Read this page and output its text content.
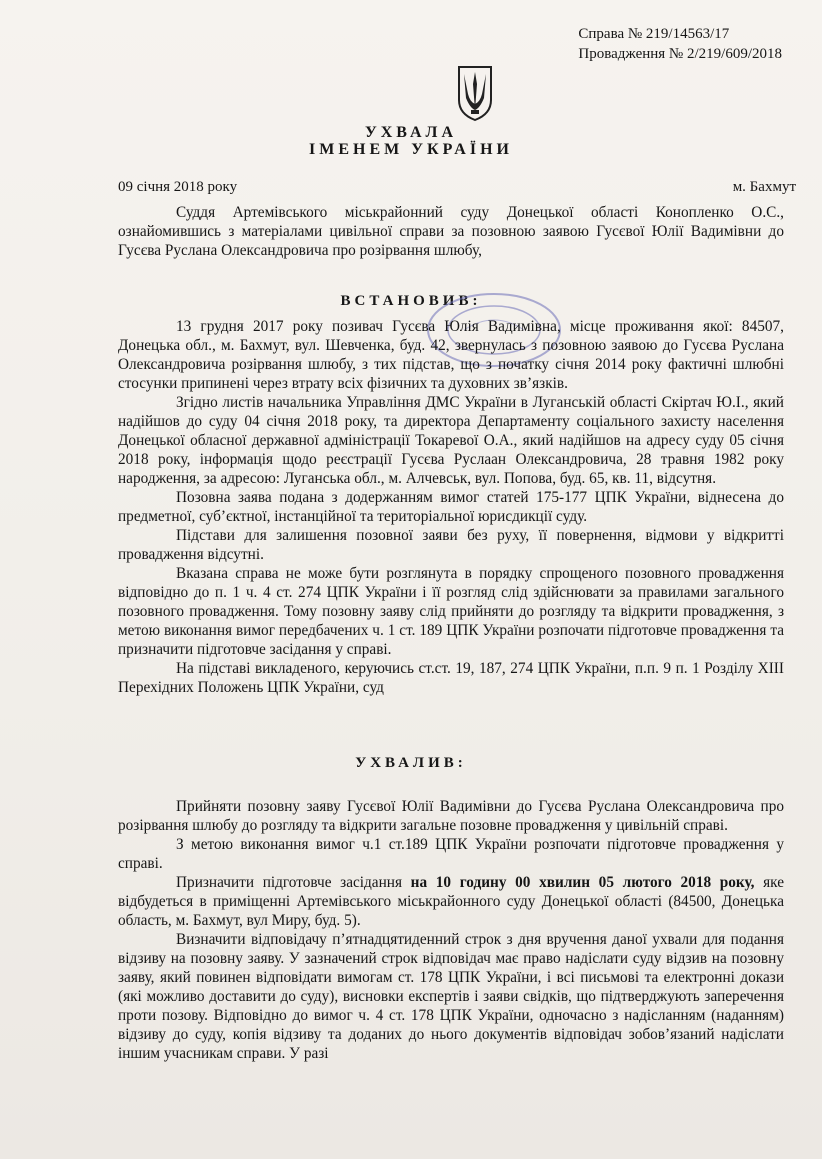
Справа № 219/14563/17
Провадження № 2/219/609/2018
УХВАЛА
ІМЕНЕМ УКРАЇНИ
09 січня 2018 року	м. Бахмут

Суддя Артемівського міськрайонний суду Донецької області Конопленко О.С., ознайомившись з матеріалами цивільної справи за позовною заявою Гусєвої Юлії Вадимівни до Гусєва Руслана Олександровича про розірвання шлюбу,

ВСТАНОВИВ:

13 грудня 2017 року позивач Гусєва Юлія Вадимівна, місце проживання якої: 84507, Донецька обл., м. Бахмут, вул. Шевченка, буд. 42, звернулась з позовною заявою до Гусєва Руслана Олександровича розірвання шлюбу, з тих підстав, що з початку січня 2014 року фактичні шлюбні стосунки припинені через втрату всіх фізичних та духовних зв’язків.

Згідно листів начальника Управління ДМС України в Луганській області Скіртач Ю.І., який надійшов до суду 04 січня 2018 року, та директора Департаменту соціального захисту населення Донецької обласної державної адміністрації Токаревої О.А., який надійшов на адресу суду 05 січня 2018 року, інформація щодо реєстрації Гусєва Руслаан Олександровича, 28 травня 1982 року народження, за адресою: Луганська обл., м. Алчевськ, вул. Попова, буд. 65, кв. 11, відсутня.

Позовна заява подана з додержанням вимог статей 175-177 ЦПК України, віднесена до предметної, суб’єктної, інстанційної та територіальної юрисдикції суду.

Підстави для залишення позовної заяви без руху, її повернення, відмови у відкритті провадження відсутні.

Вказана справа не може бути розглянута в порядку спрощеного позовного провадження відповідно до п. 1 ч. 4 ст. 274 ЦПК України і її розгляд слід здійснювати за правилами загального позовного провадження. Тому позовну заяву слід прийняти до розгляду та відкрити провадження, з метою виконання вимог передбачених ч. 1 ст. 189 ЦПК України розпочати підготовче провадження та призначити підготовче засідання у справі.

На підставі викладеного, керуючись ст.ст. 19, 187, 274 ЦПК України, п.п. 9 п. 1 Розділу XIII Перехідних Положень ЦПК України, суд

УХВАЛИВ:

Прийняти позовну заяву Гусєвої Юлії Вадимівни до Гусєва Руслана Олександровича про розірвання шлюбу до розгляду та відкрити загальне позовне провадження у цивільній справі.

З метою виконання вимог ч.1 ст.189 ЦПК України розпочати підготовче провадження у справі.

Призначити підготовче засідання на 10 годину 00 хвилин 05 лютого 2018 року, яке відбудеться в приміщенні Артемівського міськрайонного суду Донецької області (84500, Донецька область, м. Бахмут, вул Миру, буд. 5).

Визначити відповідачу п’ятнадцятиденний строк з дня вручення даної ухвали для подання відзиву на позовну заяву. У зазначений строк відповідач має право надіслати суду відзив на позовну заяву, який повинен відповідати вимогам ст. 178 ЦПК України, і всі письмові та електронні докази (які можливо доставити до суду), висновки експертів і заяви свідків, що підтверджують заперечення проти позову. Відповідно до вимог ч. 4 ст. 178 ЦПК України, одночасно з надісланням (наданням) відзиву до суду, копія відзиву та доданих до нього документів відповідач зобов’язаний надіслати іншим учасникам справи. У разі
